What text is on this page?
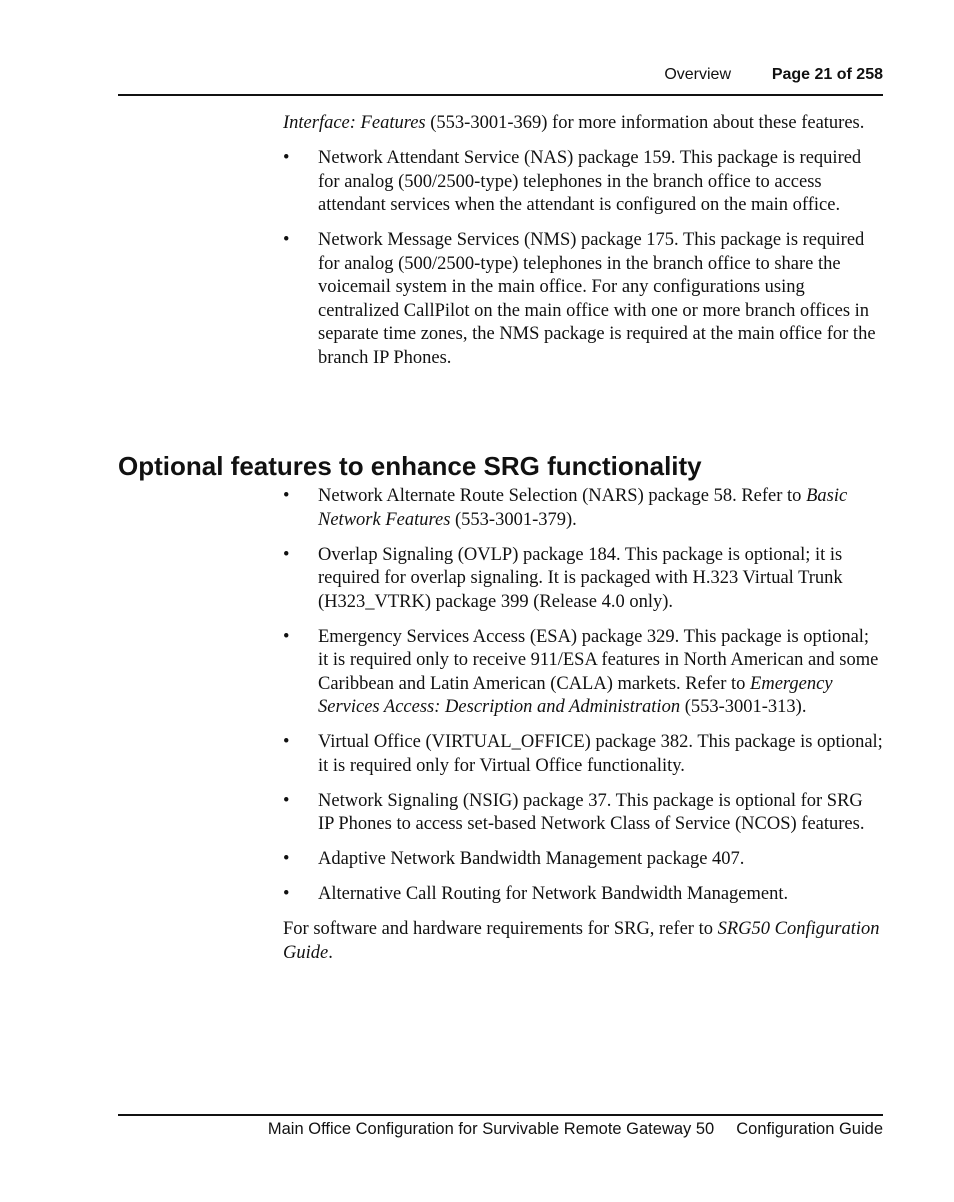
Overview	Page 21 of 258

Interface: Features (553-3001-369) for more information about these features.

• Network Attendant Service (NAS) package 159. This package is required for analog (500/2500-type) telephones in the branch office to access attendant services when the attendant is configured on the main office.
• Network Message Services (NMS) package 175. This package is required for analog (500/2500-type) telephones in the branch office to share the voicemail system in the main office. For any configurations using centralized CallPilot on the main office with one or more branch offices in separate time zones, the NMS package is required at the main office for the branch IP Phones.
Optional features to enhance SRG functionality
• Network Alternate Route Selection (NARS) package 58. Refer to Basic Network Features (553-3001-379).
• Overlap Signaling (OVLP) package 184. This package is optional; it is required for overlap signaling. It is packaged with H.323 Virtual Trunk (H323_VTRK) package 399 (Release 4.0 only).
• Emergency Services Access (ESA) package 329. This package is optional; it is required only to receive 911/ESA features in North American and some Caribbean and Latin American (CALA) markets. Refer to Emergency Services Access: Description and Administration (553-3001-313).
• Virtual Office (VIRTUAL_OFFICE) package 382. This package is optional; it is required only for Virtual Office functionality.
• Network Signaling (NSIG) package 37. This package is optional for SRG IP Phones to access set-based Network Class of Service (NCOS) features.
• Adaptive Network Bandwidth Management package 407.
• Alternative Call Routing for Network Bandwidth Management.

For software and hardware requirements for SRG, refer to SRG50 Configuration Guide.

Main Office Configuration for Survivable Remote Gateway 50 Configuration Guide
